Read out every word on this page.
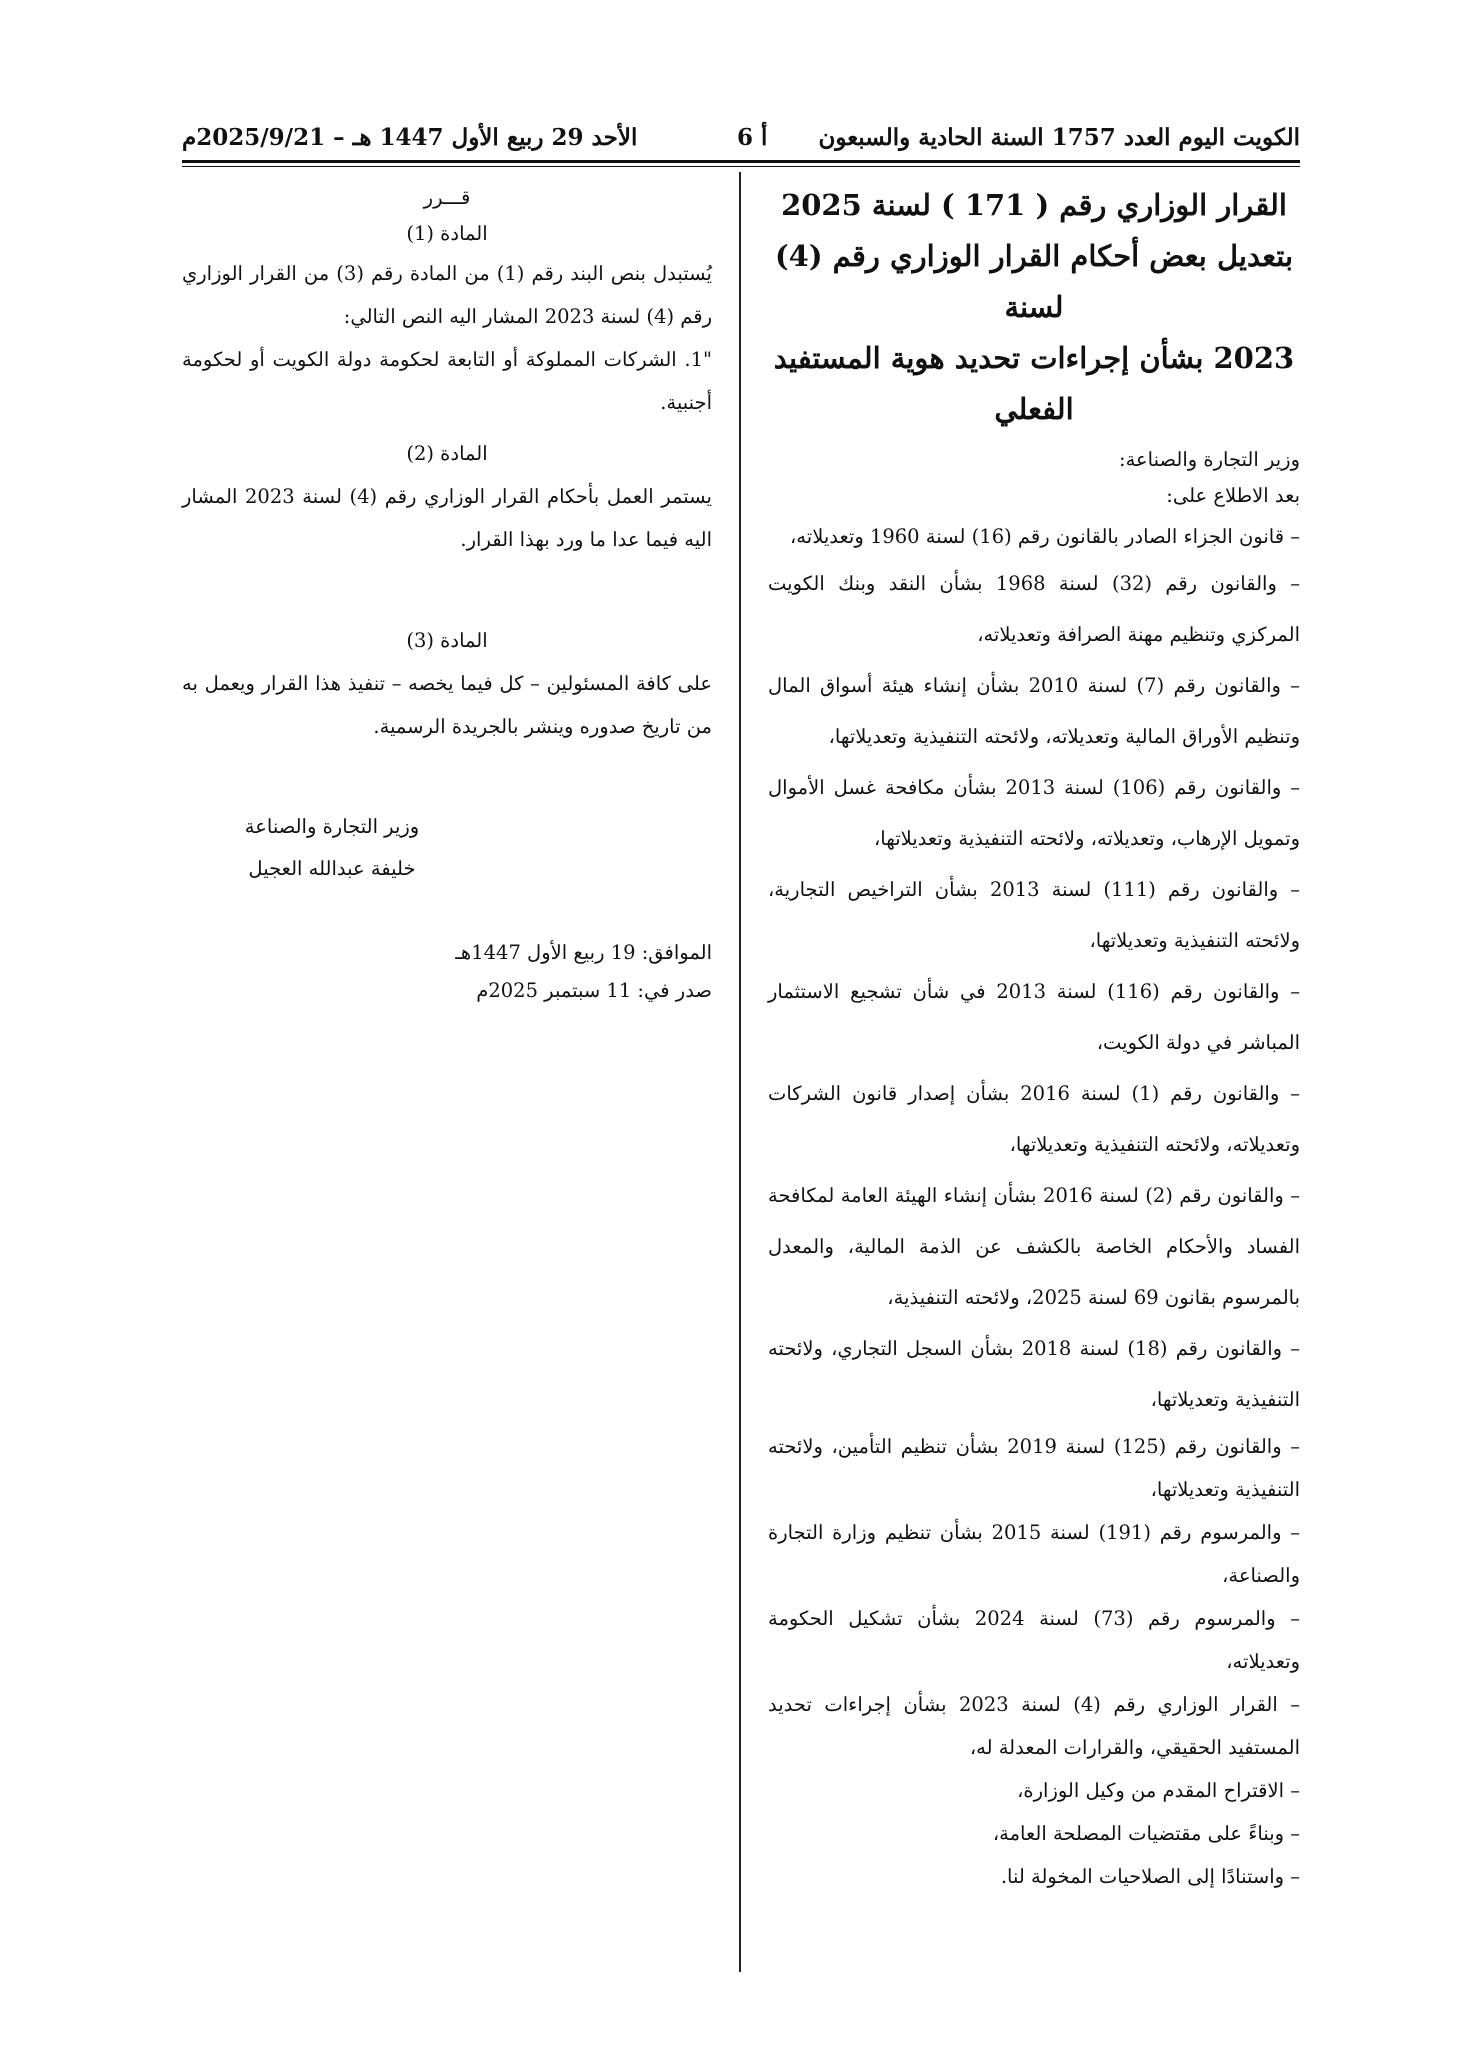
الكويت اليوم العدد 1757 السنة الحادية والسبعون
أ 6
الأحد 29 ربيع الأول 1447 هـ – 2025/9/21م

القرار الوزاري رقم ( 171 ) لسنة 2025

بتعديل بعض أحكام القرار الوزاري رقم (4) لسنة

2023 بشأن إجراءات تحديد هوية المستفيد الفعلي

وزير التجارة والصناعة:

بعد الاطلاع على:

– قانون الجزاء الصادر بالقانون رقم (16) لسنة 1960 وتعديلاته،

– والقانون رقم (32) لسنة 1968 بشأن النقد وبنك الكويت المركزي وتنظيم مهنة الصرافة وتعديلاته،

– والقانون رقم (7) لسنة 2010 بشأن إنشاء هيئة أسواق المال وتنظيم الأوراق المالية وتعديلاته، ولائحته التنفيذية وتعديلاتها،

– والقانون رقم (106) لسنة 2013 بشأن مكافحة غسل الأموال وتمويل الإرهاب، وتعديلاته، ولائحته التنفيذية وتعديلاتها،

– والقانون رقم (111) لسنة 2013 بشأن التراخيص التجارية، ولائحته التنفيذية وتعديلاتها،

– والقانون رقم (116) لسنة 2013 في شأن تشجيع الاستثمار المباشر في دولة الكويت،

– والقانون رقم (1) لسنة 2016 بشأن إصدار قانون الشركات وتعديلاته، ولائحته التنفيذية وتعديلاتها،

– والقانون رقم (2) لسنة 2016 بشأن إنشاء الهيئة العامة لمكافحة الفساد والأحكام الخاصة بالكشف عن الذمة المالية، والمعدل بالمرسوم بقانون 69 لسنة 2025، ولائحته التنفيذية،

– والقانون رقم (18) لسنة 2018 بشأن السجل التجاري، ولائحته التنفيذية وتعديلاتها،

– والقانون رقم (125) لسنة 2019 بشأن تنظيم التأمين، ولائحته التنفيذية وتعديلاتها،

– والمرسوم رقم (191) لسنة 2015 بشأن تنظيم وزارة التجارة والصناعة،

– والمرسوم رقم (73) لسنة 2024 بشأن تشكيل الحكومة وتعديلاته،

– القرار الوزاري رقم (4) لسنة 2023 بشأن إجراءات تحديد المستفيد الحقيقي، والقرارات المعدلة له،

– الاقتراح المقدم من وكيل الوزارة،

– وبناءً على مقتضيات المصلحة العامة،

– واستنادًا إلى الصلاحيات المخولة لنا.

قـــرر

المادة (1)

يُستبدل بنص البند رقم (1) من المادة رقم (3) من القرار الوزاري رقم (4) لسنة 2023 المشار اليه النص التالي:

"1. الشركات المملوكة أو التابعة لحكومة دولة الكويت أو لحكومة أجنبية.

المادة (2)

يستمر العمل بأحكام القرار الوزاري رقم (4) لسنة 2023 المشار اليه فيما عدا ما ورد بهذا القرار.

المادة (3)

على كافة المسئولين – كل فيما يخصه – تنفيذ هذا القرار ويعمل به من تاريخ صدوره وينشر بالجريدة الرسمية.

وزير التجارة والصناعة
خليفة عبدالله العجيل

الموافق: 19 ربيع الأول 1447هـ

صدر في: 11 سبتمبر 2025م
